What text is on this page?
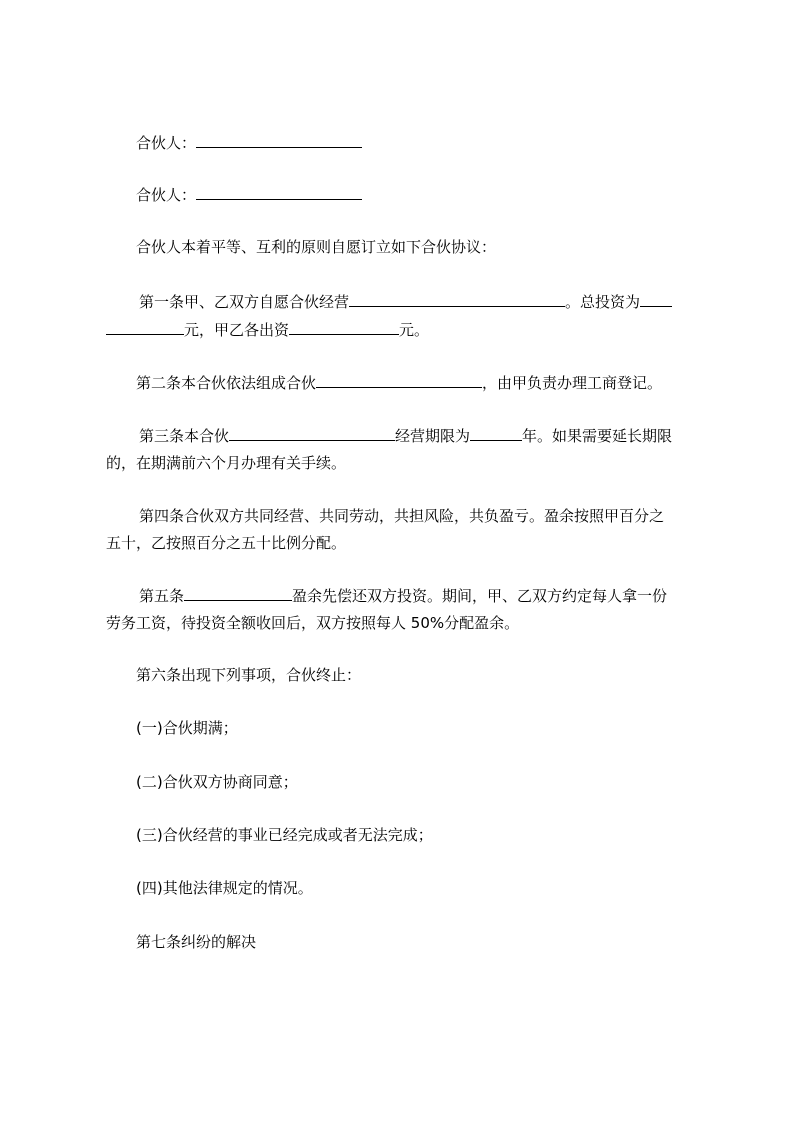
合伙人：
合伙人：
合伙人本着平等、互利的原则自愿订立如下合伙协议：
第一条甲、乙双方自愿合伙经营	。总投资为
元，甲乙各出资	元。
第二条本合伙依法组成合伙	，由甲负责办理工商登记。
第三条本合伙	经营期限为	年。如果需要延长期限
的，在期满前六个月办理有关手续。
第四条合伙双方共同经营、共同劳动，共担风险，共负盈亏。盈余按照甲百分之
五十，乙按照百分之五十比例分配。
第五条	盈余先偿还双方投资。期间，甲、乙双方约定每人拿一份
劳务工资，待投资全额收回后，双方按照每人 50%分配盈余。
第六条出现下列事项，合伙终止：
(一)合伙期满；
(二)合伙双方协商同意；
(三)合伙经营的事业已经完成或者无法完成；
(四)其他法律规定的情况。
第七条纠纷的解决
